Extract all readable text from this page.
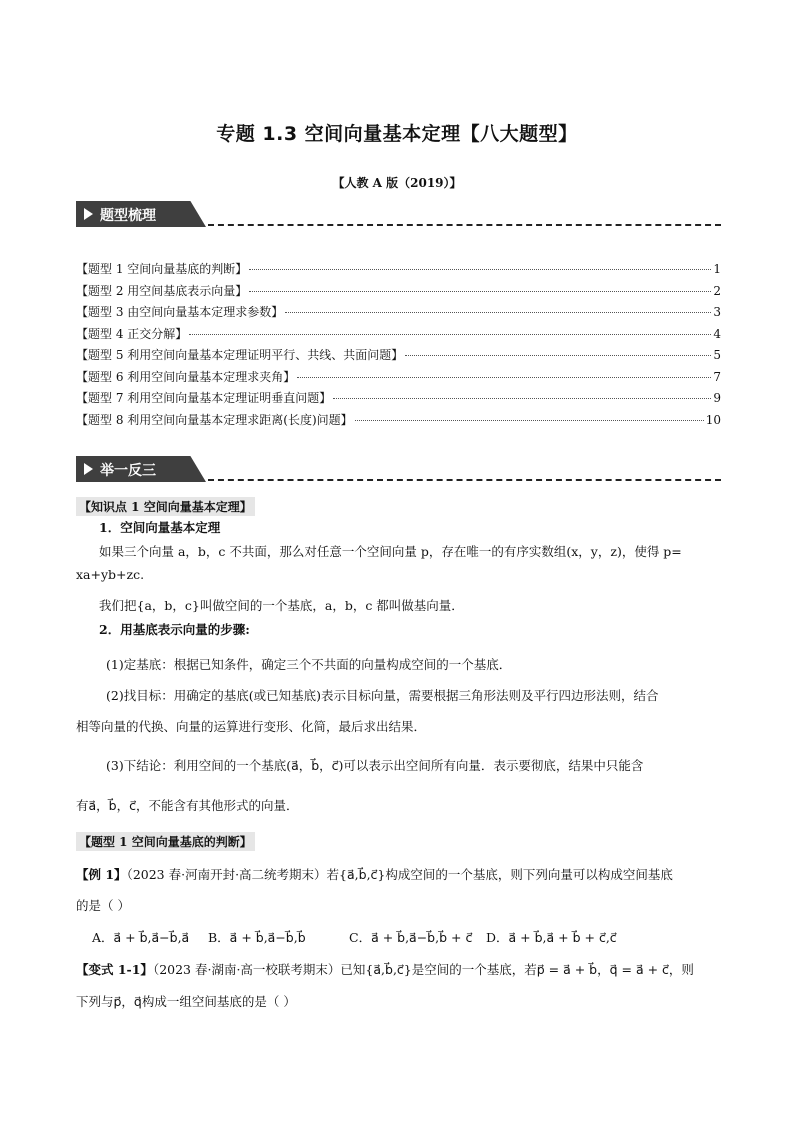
专题 1.3 空间向量基本定理【八大题型】
【人教 A 版（2019）】
题型梳理
【题型 1 空间向量基底的判断】	1
【题型 2 用空间基底表示向量】	2
【题型 3 由空间向量基本定理求参数】	3
【题型 4 正交分解】	4
【题型 5 利用空间向量基本定理证明平行、共线、共面问题】	5
【题型 6 利用空间向量基本定理求夹角】	7
【题型 7 利用空间向量基本定理证明垂直问题】	9
【题型 8 利用空间向量基本定理求距离(长度)问题】	10
举一反三
【知识点 1 空间向量基本定理】
1．空间向量基本定理
如果三个向量 a，b，c 不共面，那么对任意一个空间向量 p，存在唯一的有序实数组(x，y，z)，使得 p=
xa+yb+zc.
我们把{a，b，c}叫做空间的一个基底，a，b，c 都叫做基向量．
2．用基底表示向量的步骤:
(1)定基底：根据已知条件，确定三个不共面的向量构成空间的一个基底．
(2)找目标：用确定的基底(或已知基底)表示目标向量，需要根据三角形法则及平行四边形法则，结合
相等向量的代换、向量的运算进行变形、化简，最后求出结果．
(3)下结论：利用空间的一个基底(a⃗，b⃗，c⃗)可以表示出空间所有向量．表示要彻底，结果中只能含
有a⃗，b⃗，c⃗，不能含有其他形式的向量．
【题型 1 空间向量基底的判断】
【例 1】（2023 春·河南开封·高二统考期末）若{a⃗,b⃗,c⃗}构成空间的一个基底，则下列向量可以构成空间基底
的是（ ）
A．a⃗ + b⃗,a⃗−b⃗,a⃗ B．a⃗ + b⃗,a⃗−b⃗,b⃗	C．a⃗ + b⃗,a⃗−b⃗,b⃗ + c⃗ D．a⃗ + b⃗,a⃗ + b⃗ + c⃗,c⃗
【变式 1-1】（2023 春·湖南·高一校联考期末）已知{a⃗,b⃗,c⃗}是空间的一个基底，若p⃗ = a⃗ + b⃗，q⃗ = a⃗ + c⃗，则
下列与p⃗，q⃗构成一组空间基底的是（ ）
